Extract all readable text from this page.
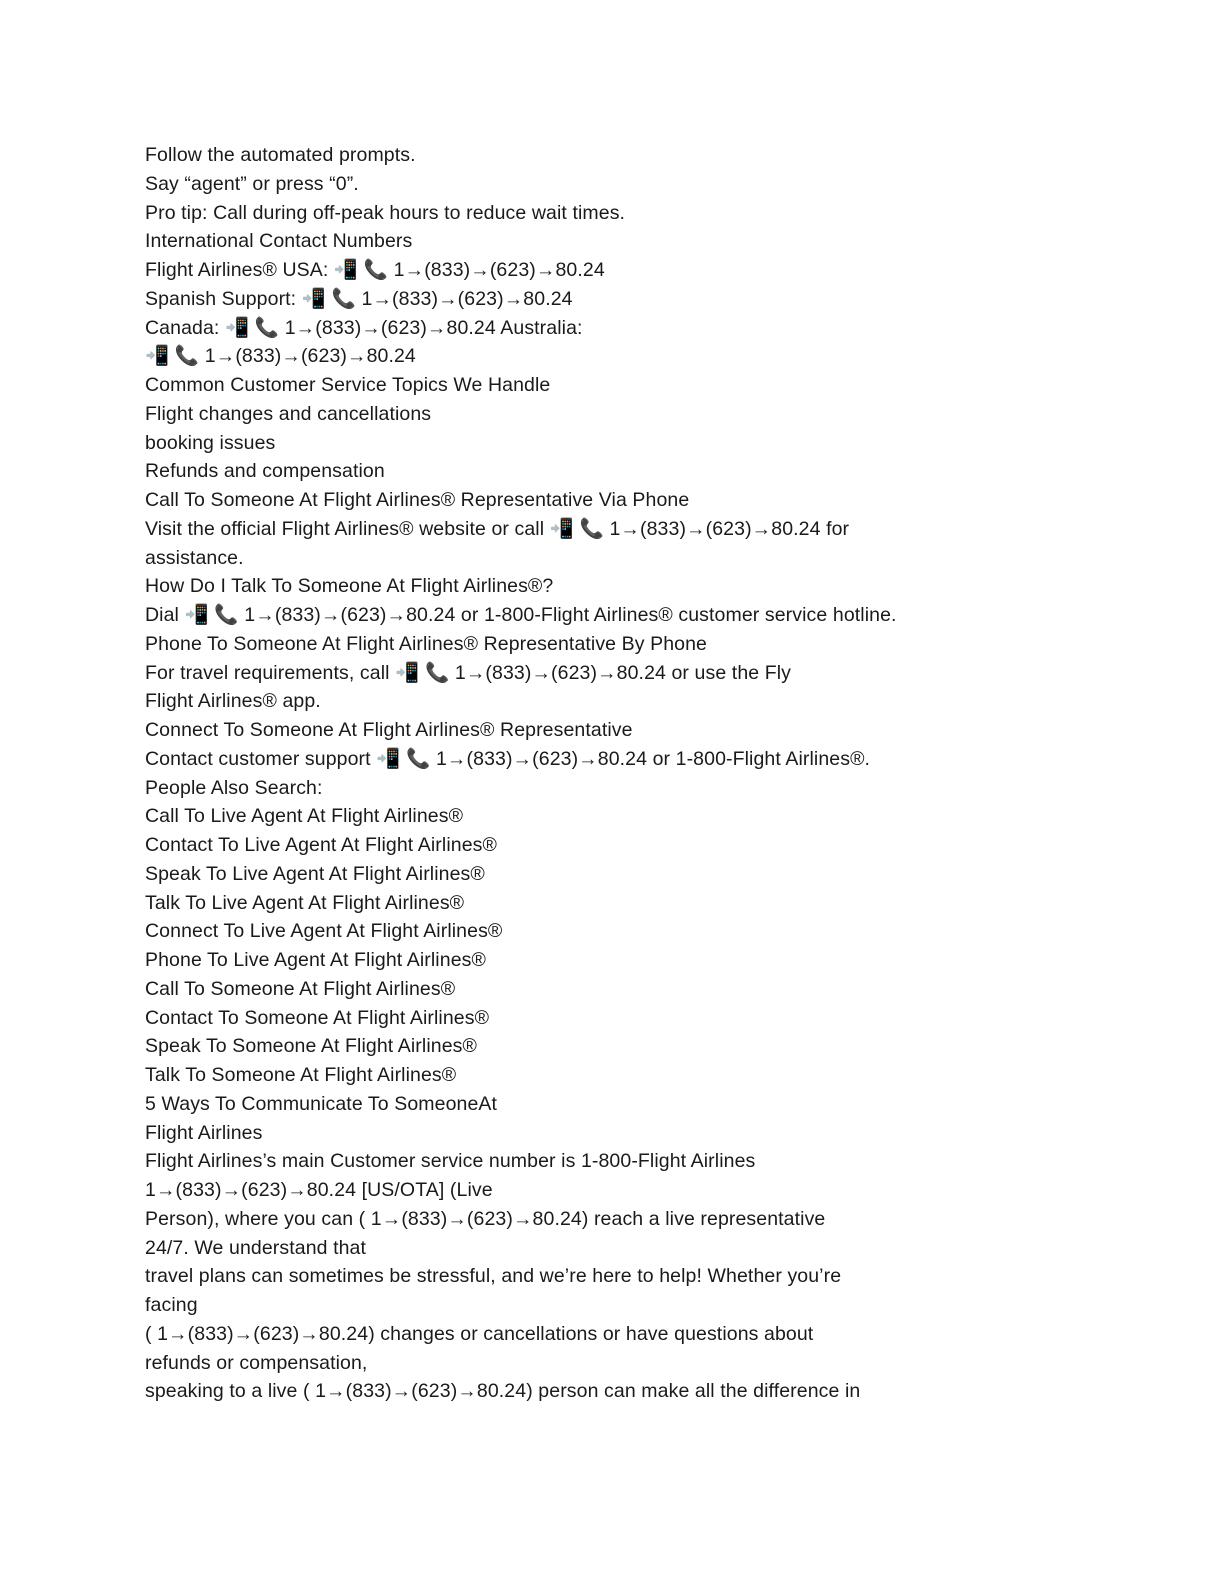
Follow the automated prompts.
Say “agent” or press “0”.
Pro tip: Call during off-peak hours to reduce wait times.
International Contact Numbers
Flight Airlines® USA: 📲 📞 1→(833)→(623)→80.24
Spanish Support: 📲 📞 1→(833)→(623)→80.24
Canada: 📲 📞 1→(833)→(623)→80.24 Australia:
📲 📞 1→(833)→(623)→80.24
Common Customer Service Topics We Handle
Flight changes and cancellations
booking issues
Refunds and compensation
Call To Someone At Flight Airlines® Representative Via Phone
Visit the official Flight Airlines® website or call 📲 📞 1→(833)→(623)→80.24 for
assistance.
How Do I Talk To Someone At Flight Airlines®?
Dial 📲 📞 1→(833)→(623)→80.24 or 1-800-Flight Airlines® customer service hotline.
Phone To Someone At Flight Airlines® Representative By Phone
For travel requirements, call 📲 📞 1→(833)→(623)→80.24 or use the Fly
Flight Airlines® app.
Connect To Someone At Flight Airlines® Representative
Contact customer support 📲 📞 1→(833)→(623)→80.24 or 1-800-Flight Airlines®.
People Also Search:
Call To Live Agent At Flight Airlines®
Contact To Live Agent At Flight Airlines®
Speak To Live Agent At Flight Airlines®
Talk To Live Agent At Flight Airlines®
Connect To Live Agent At Flight Airlines®
Phone To Live Agent At Flight Airlines®
Call To Someone At Flight Airlines®
Contact To Someone At Flight Airlines®
Speak To Someone At Flight Airlines®
Talk To Someone At Flight Airlines®
5 Ways To Communicate To SomeoneAt
Flight Airlines
Flight Airlines’s main Customer service number is 1-800-Flight Airlines
1→(833)→(623)→80.24 [US/OTA] (Live
Person), where you can ( 1→(833)→(623)→80.24) reach a live representative
24/7. We understand that
travel plans can sometimes be stressful, and we’re here to help! Whether you’re
facing
( 1→(833)→(623)→80.24) changes or cancellations or have questions about
refunds or compensation,
speaking to a live ( 1→(833)→(623)→80.24) person can make all the difference in
